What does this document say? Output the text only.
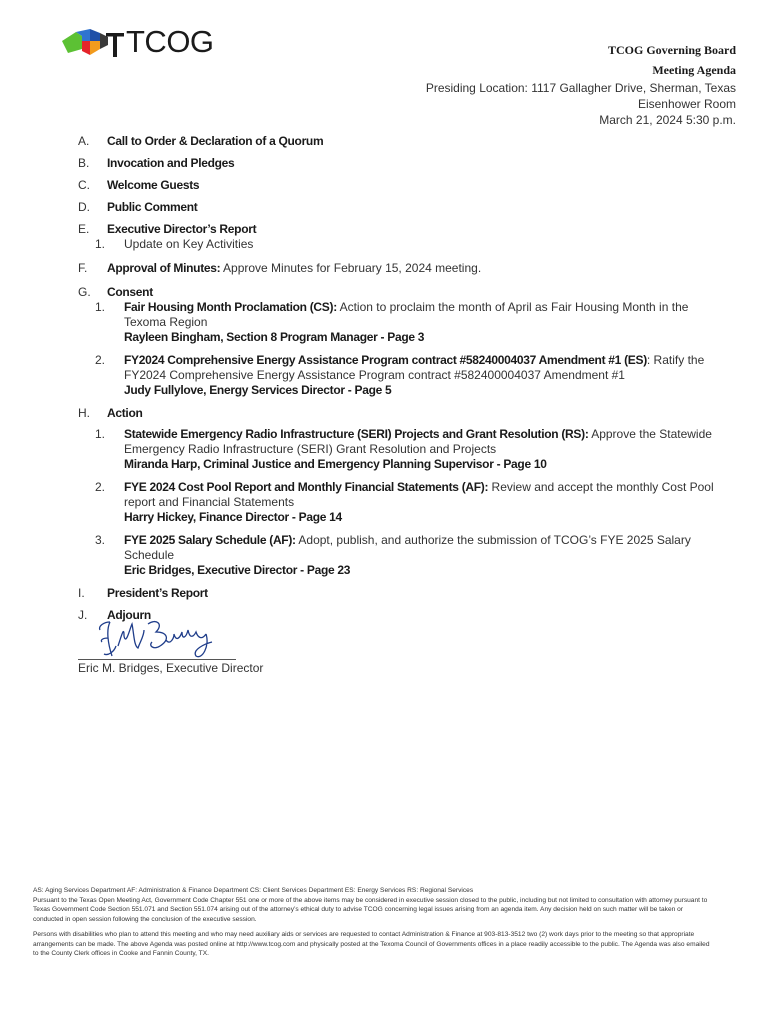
TCOG	TCOG Governing Board
Meeting Agenda
Presiding Location: 1117 Gallagher Drive, Sherman, Texas
Eisenhower Room
March 21, 2024 5:30 p.m.
A. Call to Order & Declaration of a Quorum
B. Invocation and Pledges
C. Welcome Guests
D. Public Comment
E. Executive Director’s Report
1. Update on Key Activities
F. Approval of Minutes: Approve Minutes for February 15, 2024 meeting.
G. Consent
1. Fair Housing Month Proclamation (CS): Action to proclaim the month of April as Fair Housing Month in the Texoma Region
Rayleen Bingham, Section 8 Program Manager - Page 3
2. FY2024 Comprehensive Energy Assistance Program contract #58240004037 Amendment #1 (ES): Ratify the FY2024 Comprehensive Energy Assistance Program contract #582400004037 Amendment #1
Judy Fullylove, Energy Services Director - Page 5
H. Action
1. Statewide Emergency Radio Infrastructure (SERI) Projects and Grant Resolution (RS): Approve the Statewide Emergency Radio Infrastructure (SERI) Grant Resolution and Projects
Miranda Harp, Criminal Justice and Emergency Planning Supervisor - Page 10
2. FYE 2024 Cost Pool Report and Monthly Financial Statements (AF): Review and accept the monthly Cost Pool report and Financial Statements
Harry Hickey, Finance Director - Page 14
3. FYE 2025 Salary Schedule (AF): Adopt, publish, and authorize the submission of TCOG’s FYE 2025 Salary Schedule
Eric Bridges, Executive Director - Page 23
I. President’s Report
J. Adjourn
Eric M. Bridges, Executive Director

AS: Aging Services Department AF: Administration & Finance Department CS: Client Services Department ES: Energy Services RS: Regional Services

Pursuant to the Texas Open Meeting Act, Government Code Chapter 551 one or more of the above items may be considered in executive session closed to the public, including but not limited to consultation with attorney pursuant to Texas Government Code Section 551.071 and Section 551.074 arising out of the attorney’s ethical duty to advise TCOG concerning legal issues arising from an agenda item. Any decision held on such matter will be taken or conducted in open session following the conclusion of the executive session.

Persons with disabilities who plan to attend this meeting and who may need auxiliary aids or services are requested to contact Administration & Finance at 903-813-3512 two (2) work days prior to the meeting so that appropriate arrangements can be made. The above Agenda was posted online at http://www.tcog.com and physically posted at the Texoma Council of Governments offices in a place readily accessible to the public. The Agenda was also emailed to the County Clerk offices in Cooke and Fannin County, TX.
